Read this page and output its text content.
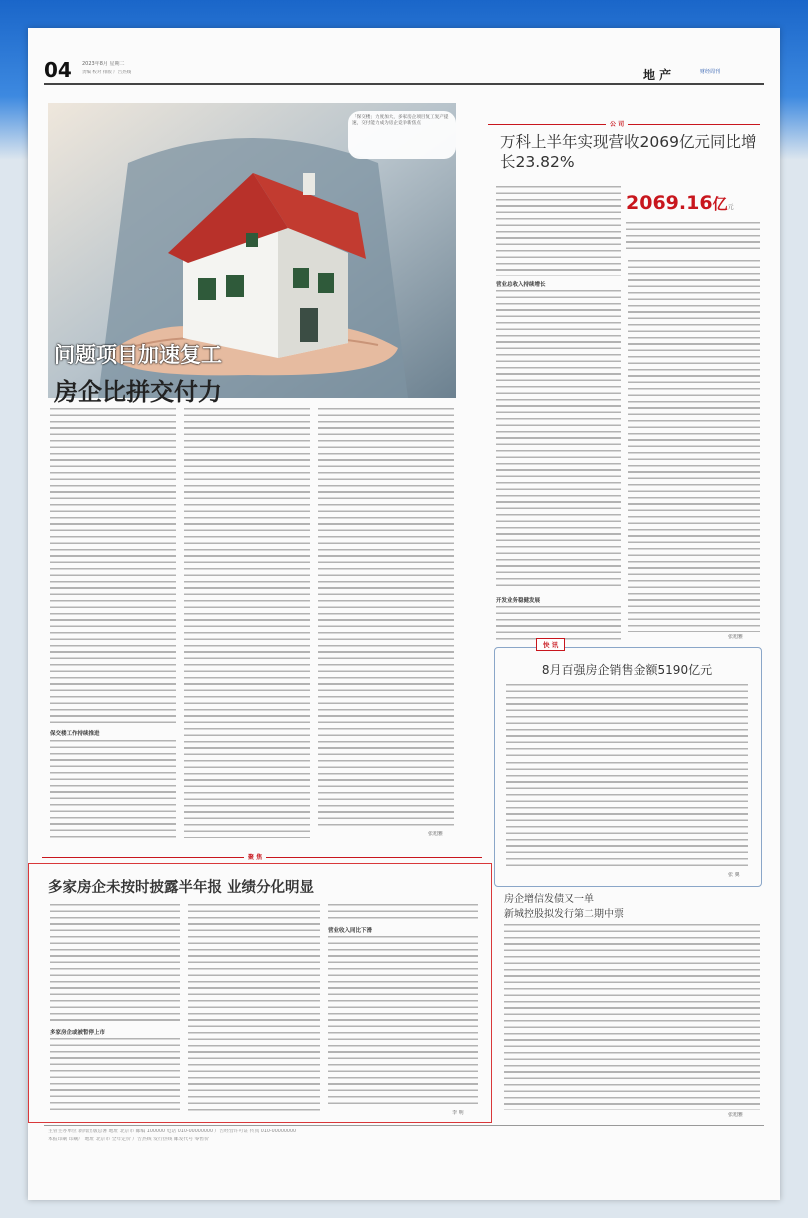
04 2023年8月 星期二
责编 校对 排版 广告热线	地 产	财经周刊
「保交楼」力度加大，多家房企项目复工复产提速，交付能力成为房企竞争新焦点
问题项目加速复工
房企比拼交付力
保交楼工作持续推进
张旭雅
公 司
万科上半年实现营收2069亿元同比增长23.82%
2069.16亿元
营业总收入持续增长
开发业务稳健发展
张旭雅
快 讯
8月百强房企销售金额5190亿元
张 翼
房企增信发债又一单
新城控股拟发行第二期中票
张旭雅
聚 焦
多家房企未按时披露半年报 业绩分化明显
多家房企或被暂停上市
营业收入同比下滑
李 明
主管主办单位 新闻出版总署 地址 北京市 邮编 100000 电话 010-00000000 广告经营许可证 传真 010-00000000
本报印刷 印刷厂 地址 北京市 全年定价 广告热线 发行热线 邮发代号 零售价
